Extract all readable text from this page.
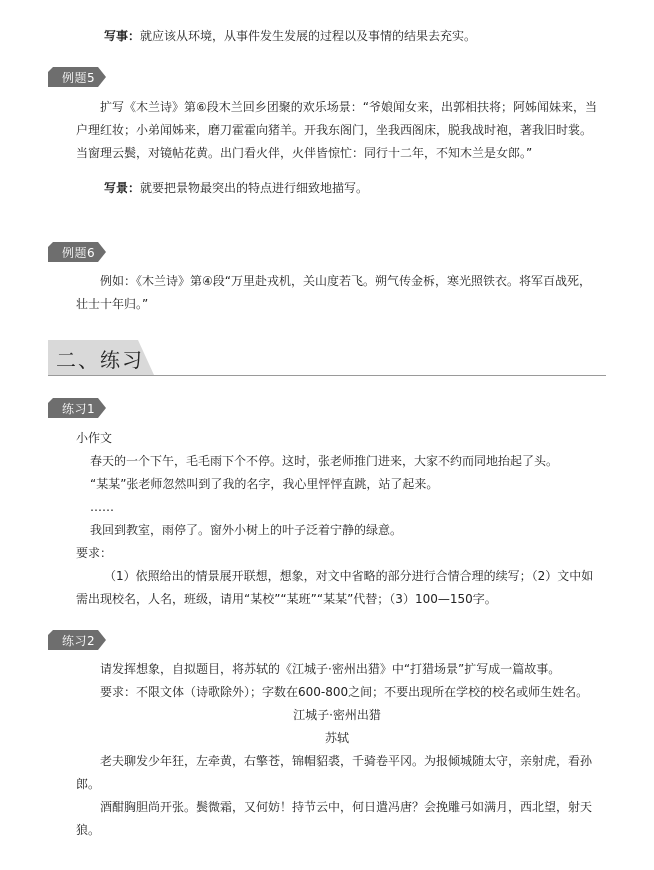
写事：就应该从环境，从事件发生发展的过程以及事情的结果去充实。

例题5

扩写《木兰诗》第⑥段木兰回乡团聚的欢乐场景：“爷娘闻女来，出郭相扶将；阿姊闻妹来，当户理红妆；小弟闻姊来，磨刀霍霍向猪羊。开我东阁门，坐我西阁床，脱我战时袍，著我旧时裳。当窗理云鬓，对镜帖花黄。出门看火伴，火伴皆惊忙：同行十二年，不知木兰是女郎。”

写景：就要把景物最突出的特点进行细致地描写。

例题6

例如：《木兰诗》第④段“万里赴戎机，关山度若飞。朔气传金柝，寒光照铁衣。将军百战死，壮士十年归。”

二、练习
练习1

小作文

春天的一个下午，毛毛雨下个不停。这时，张老师推门进来，大家不约而同地抬起了头。

“某某”张老师忽然叫到了我的名字，我心里怦怦直跳，站了起来。

……

我回到教室，雨停了。窗外小树上的叶子泛着宁静的绿意。

要求：

（1）依照给出的情景展开联想，想象，对文中省略的部分进行合情合理的续写；（2）文中如需出现校名，人名，班级，请用“某校”“某班”“某某”代替；（3）100—150字。

练习2

请发挥想象，自拟题目，将苏轼的《江城子·密州出猎》中“打猎场景”扩写成一篇故事。

要求：不限文体（诗歌除外）；字数在600-800之间；不要出现所在学校的校名或师生姓名。

江城子·密州出猎

苏轼

老夫聊发少年狂，左牵黄，右擎苍，锦帽貂裘，千骑卷平冈。为报倾城随太守，亲射虎，看孙郎。

酒酣胸胆尚开张。鬓微霜，又何妨！持节云中，何日遣冯唐？会挽雕弓如满月，西北望，射天狼。
